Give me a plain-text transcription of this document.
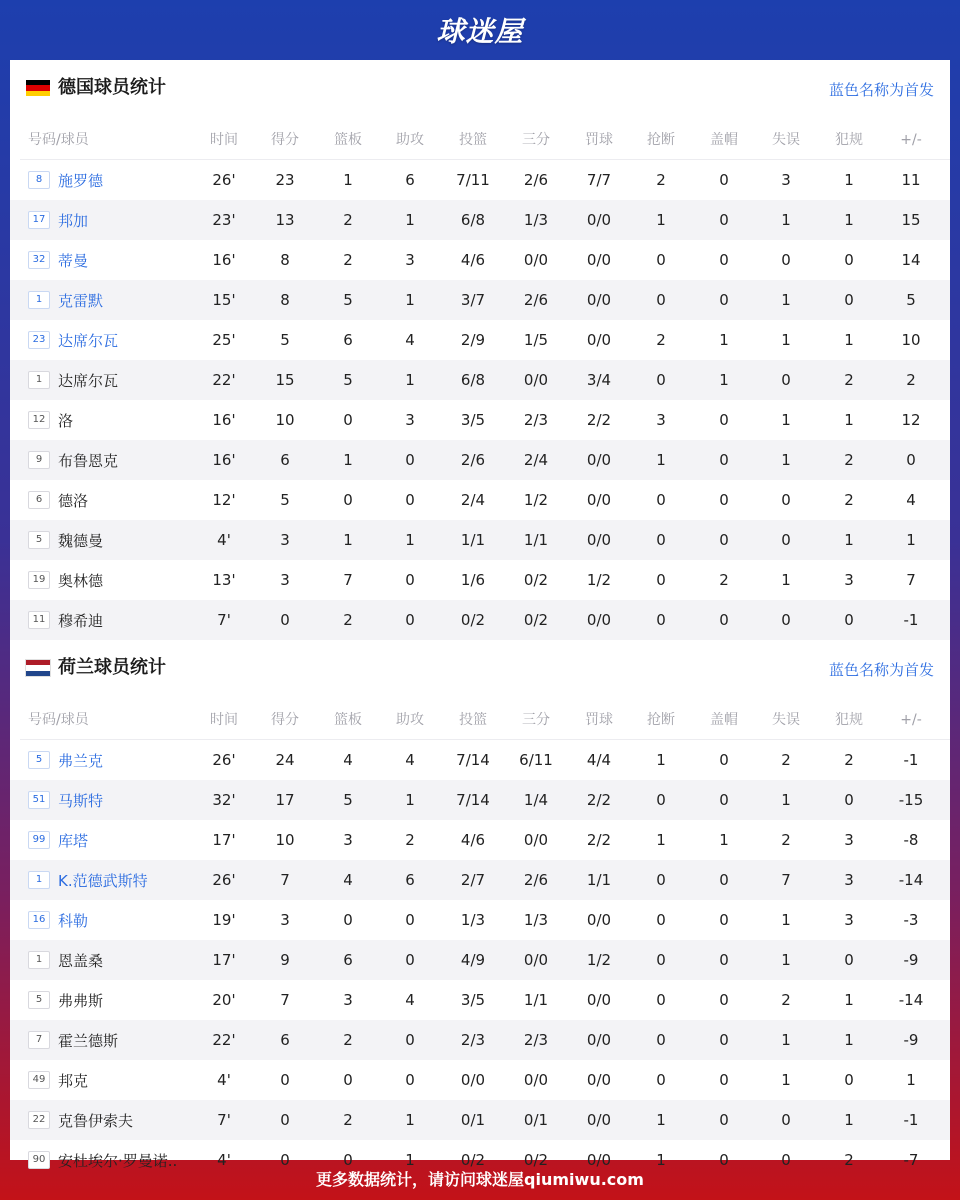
球迷屋
德国球员统计	蓝色名称为首发
号码/球员	时间	得分	篮板	助攻	投篮	三分	罚球	抢断	盖帽	失误	犯规	+/-
8	施罗德	26'	23	1	6	7/11	2/6	7/7	2	0	3	1	11
17 邦加	23'	13	2	1	6/8	1/3	0/0	1	0	1	1	15
32 蒂曼	16'	8	2	3	4/6	0/0	0/0	0	0	0	0	14
1	克雷默	15'	8	5	1	3/7	2/6	0/0	0	0	1	0	5
23 达席尔瓦	25'	5	6	4	2/9	1/5	0/0	2	1	1	1	10
1	达席尔瓦	22'	15	5	1	6/8	0/0	3/4	0	1	0	2	2
12 洛	16'	10	0	3	3/5	2/3	2/2	3	0	1	1	12
9	布鲁恩克	16'	6	1	0	2/6	2/4	0/0	1	0	1	2	0
6	德洛	12'	5	0	0	2/4	1/2	0/0	0	0	0	2	4
5	魏德曼	4'	3	1	1	1/1	1/1	0/0	0	0	0	1	1
19 奥林德	13'	3	7	0	1/6	0/2	1/2	0	2	1	3	7
11 穆希迪	7'	0	2	0	0/2	0/2	0/0	0	0	0	0	-1
荷兰球员统计	蓝色名称为首发
号码/球员	时间	得分	篮板	助攻	投篮	三分	罚球	抢断	盖帽	失误	犯规	+/-
5	弗兰克	26'	24	4	4	7/14	6/11	4/4	1	0	2	2	-1
51 马斯特	32'	17	5	1	7/14	1/4	2/2	0	0	1	0	-15
99 库塔	17'	10	3	2	4/6	0/0	2/2	1	1	2	3	-8
1	K.范德武斯特	26'	7	4	6	2/7	2/6	1/1	0	0	7	3	-14
16 科勒	19'	3	0	0	1/3	1/3	0/0	0	0	1	3	-3
1	恩盖桑	17'	9	6	0	4/9	0/0	1/2	0	0	1	0	-9
5	弗弗斯	20'	7	3	4	3/5	1/1	0/0	0	0	2	1	-14
7	霍兰德斯	22'	6	2	0	2/3	2/3	0/0	0	0	1	1	-9
49 邦克	4'	0	0	0	0/0	0/0	0/0	0	0	1	0	1
22 克鲁伊索夫	7'	0	2	1	0/1	0/1	0/0	1	0	0	1	-1
90 安杜埃尔·罗曼诺..	4'	0	0	1	0/2	0/2	0/0	1	0	0	2	-7
更多数据统计，请访问球迷屋qiumiwu.com
